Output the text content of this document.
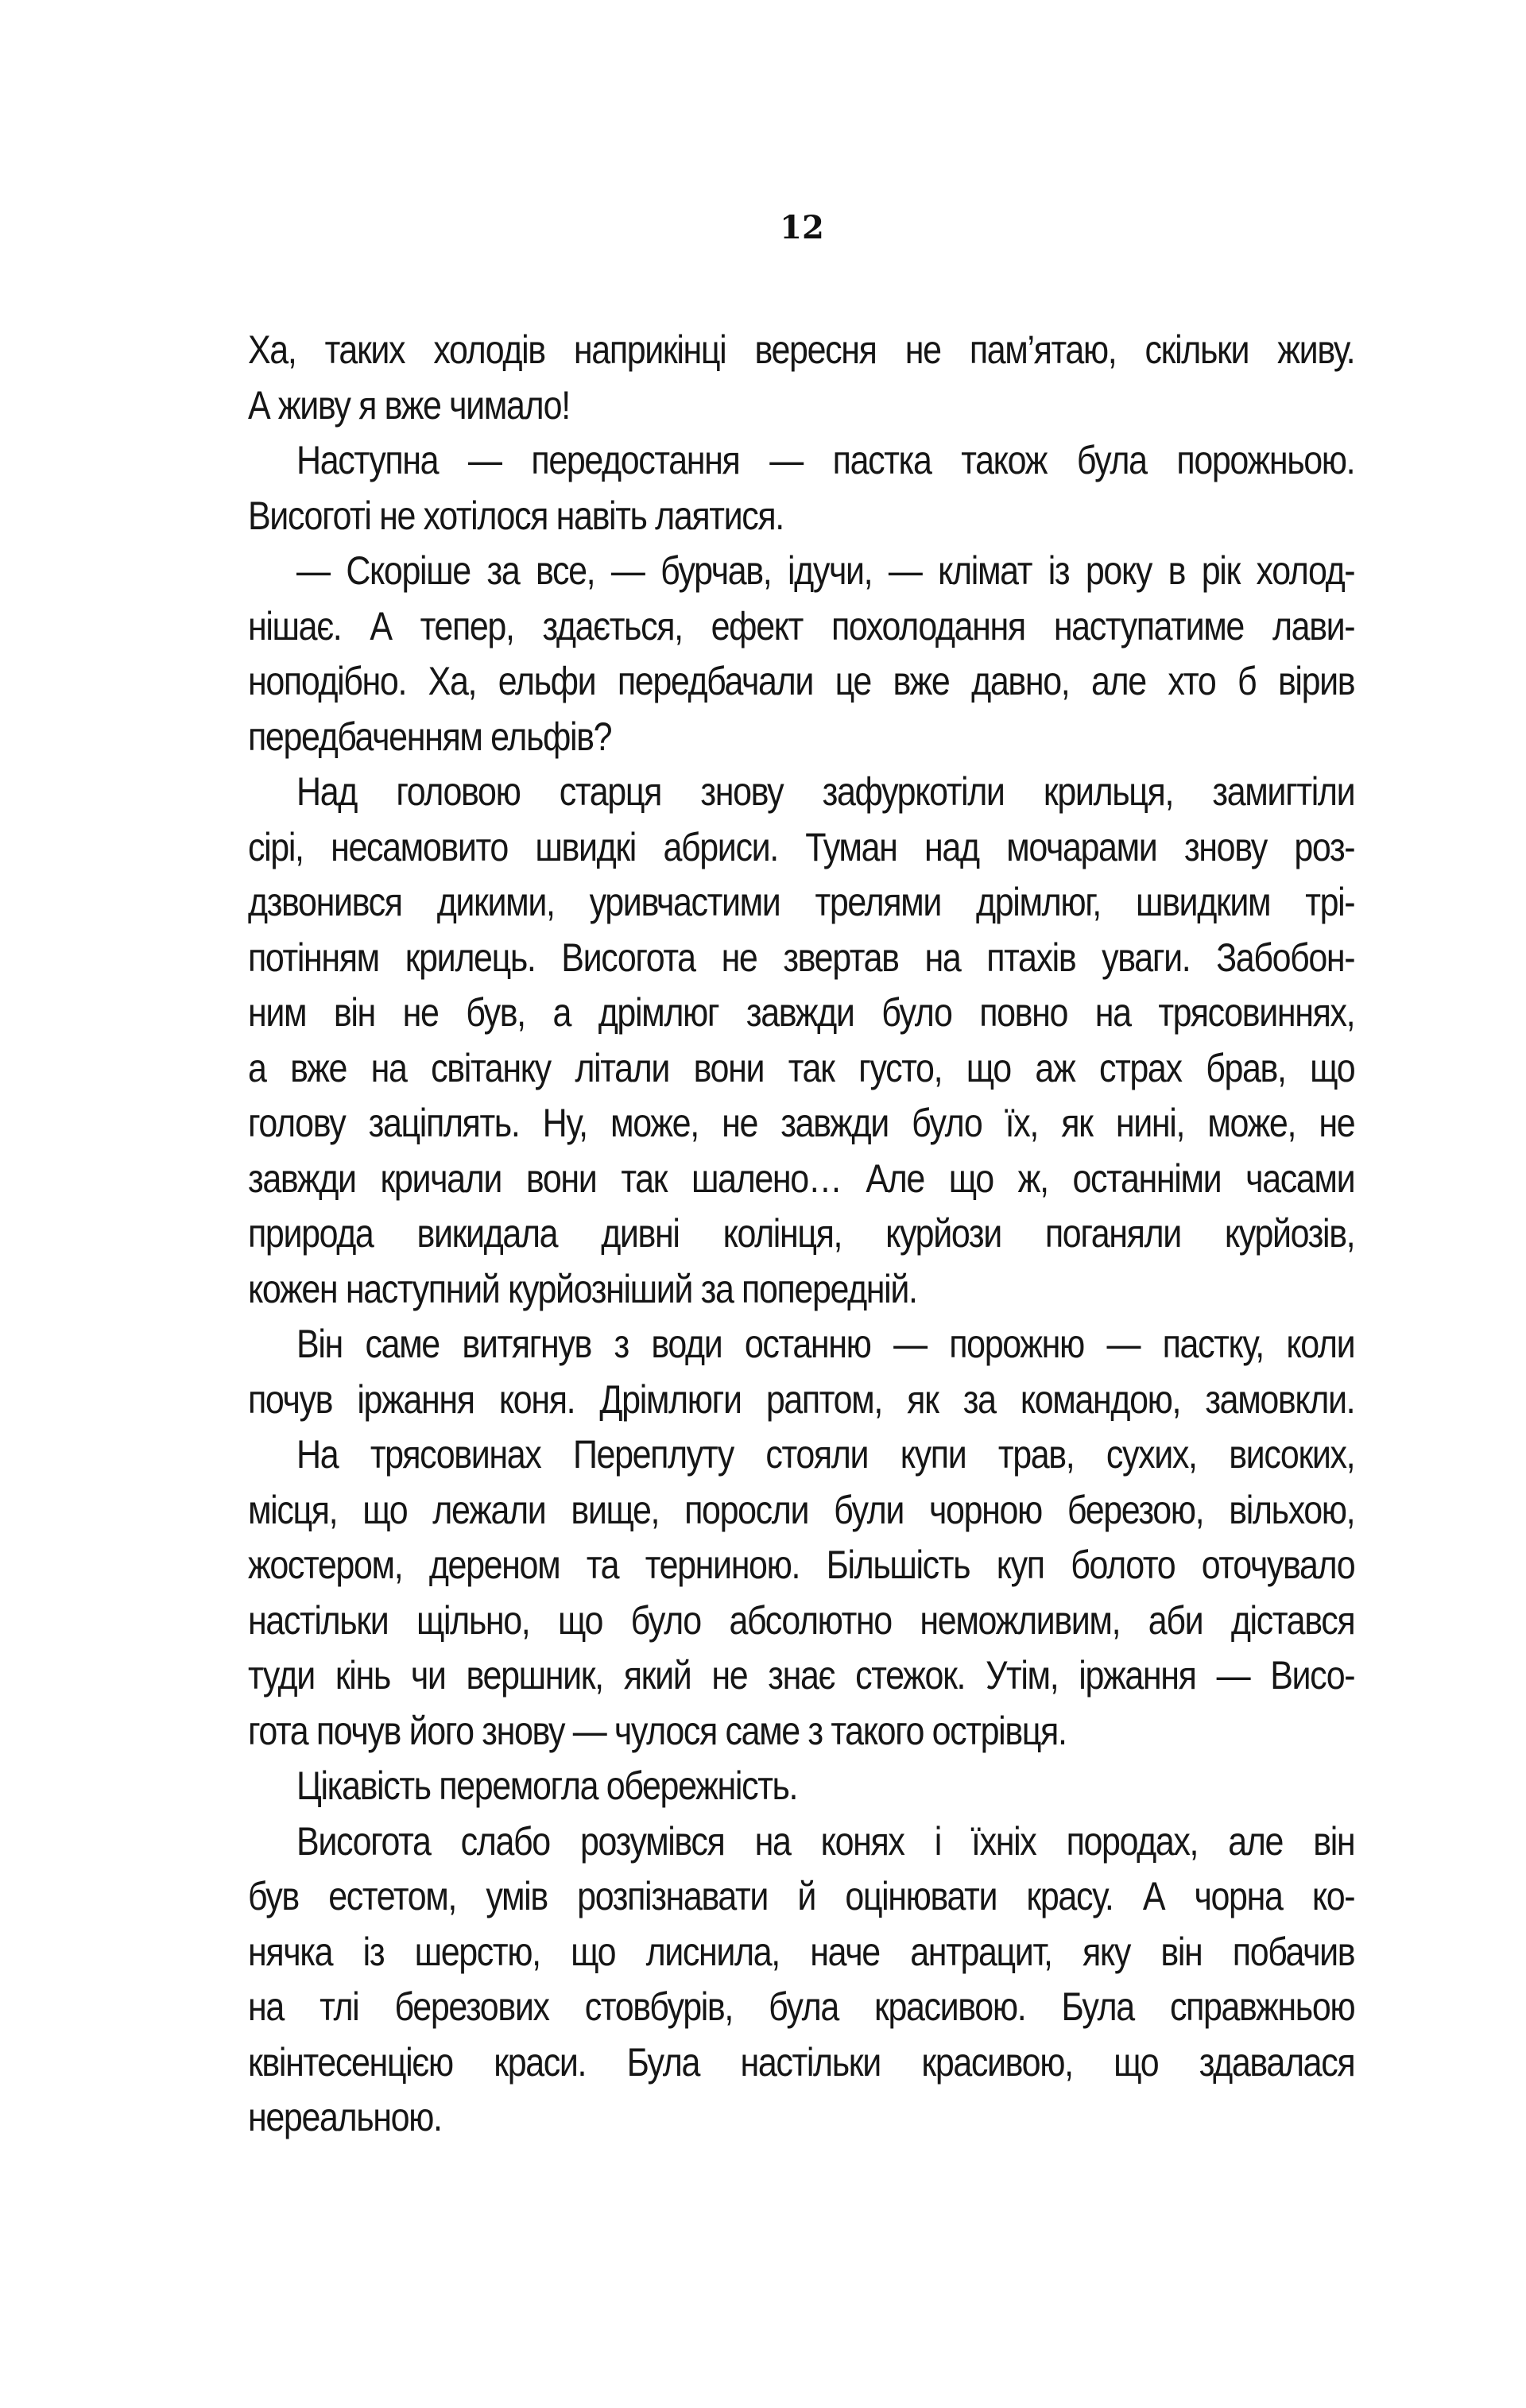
12
Ха, таких холодів наприкінці вересня не пам’ятаю, скільки живу.
А живу я вже чимало!
Наступна — передостання — пастка також була порожньою.
Висоготі не хотілося навіть лаятися.
— Скоріше за все, — бурчав, ідучи, — клімат із року в рік холод-
нішає. А тепер, здається, ефект похолодання наступатиме лави-
ноподібно. Ха, ельфи передбачали це вже давно, але хто б вірив
передбаченням ельфів?
Над головою старця знову зафуркотіли крильця, замигтіли
сірі, несамовито швидкі абриси. Туман над мочарами знову роз-
дзвонився дикими, уривчастими трелями дрімлюг, швидким трі-
потінням крилець. Висогота не звертав на птахів уваги. Забобон-
ним він не був, а дрімлюг завжди було повно на трясовиннях,
а вже на світанку літали вони так густо, що аж страх брав, що
голову заціплять. Ну, може, не завжди було їх, як нині, може, не
завжди кричали вони так шалено… Але що ж, останніми часами
природа викидала дивні колінця, курйози поганяли курйозів,
кожен наступний курйозніший за попередній.
Він саме витягнув з води останню — порожню — пастку, коли
почув іржання коня. Дрімлюги раптом, як за командою, замовкли.
На трясовинах Переплуту стояли купи трав, сухих, високих,
місця, що лежали вище, поросли були чорною березою, вільхою,
жостером, дереном та терниною. Більшість куп болото оточувало
настільки щільно, що було абсолютно неможливим, аби дістався
туди кінь чи вершник, який не знає стежок. Утім, іржання — Висо-
гота почув його знову — чулося саме з такого острівця.
Цікавість перемогла обережність.
Висогота слабо розумівся на конях і їхніх породах, але він
був естетом, умів розпізнавати й оцінювати красу. А чорна ко-
нячка із шерстю, що лиснила, наче антрацит, яку він побачив
на тлі березових стовбурів, була красивою. Була справжньою
квінтесенцією краси. Була настільки красивою, що здавалася
нереальною.
